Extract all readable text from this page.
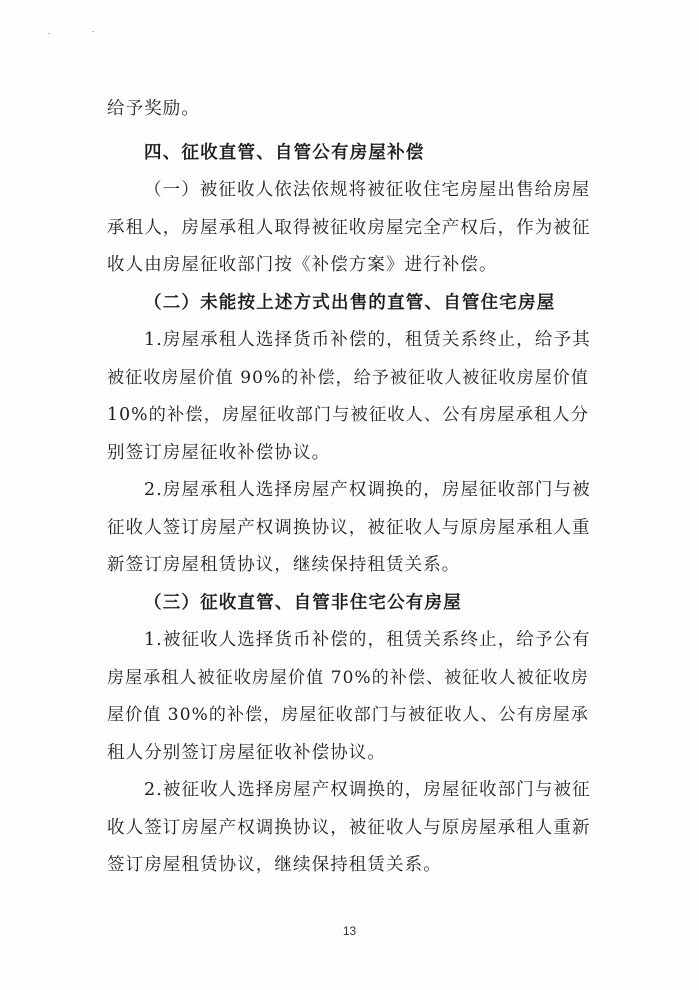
给予奖励。
四、征收直管、自管公有房屋补偿
（一）被征收人依法依规将被征收住宅房屋出售给房屋
承租人，房屋承租人取得被征收房屋完全产权后，作为被征
收人由房屋征收部门按《补偿方案》进行补偿。
（二）未能按上述方式出售的直管、自管住宅房屋
1.房屋承租人选择货币补偿的，租赁关系终止，给予其
被征收房屋价值 90%的补偿，给予被征收人被征收房屋价值
10%的补偿，房屋征收部门与被征收人、公有房屋承租人分
别签订房屋征收补偿协议。
2.房屋承租人选择房屋产权调换的，房屋征收部门与被
征收人签订房屋产权调换协议，被征收人与原房屋承租人重
新签订房屋租赁协议，继续保持租赁关系。
（三）征收直管、自管非住宅公有房屋
1.被征收人选择货币补偿的，租赁关系终止，给予公有
房屋承租人被征收房屋价值 70%的补偿、被征收人被征收房
屋价值 30%的补偿，房屋征收部门与被征收人、公有房屋承
租人分别签订房屋征收补偿协议。
2.被征收人选择房屋产权调换的，房屋征收部门与被征
收人签订房屋产权调换协议，被征收人与原房屋承租人重新
签订房屋租赁协议，继续保持租赁关系。
13
